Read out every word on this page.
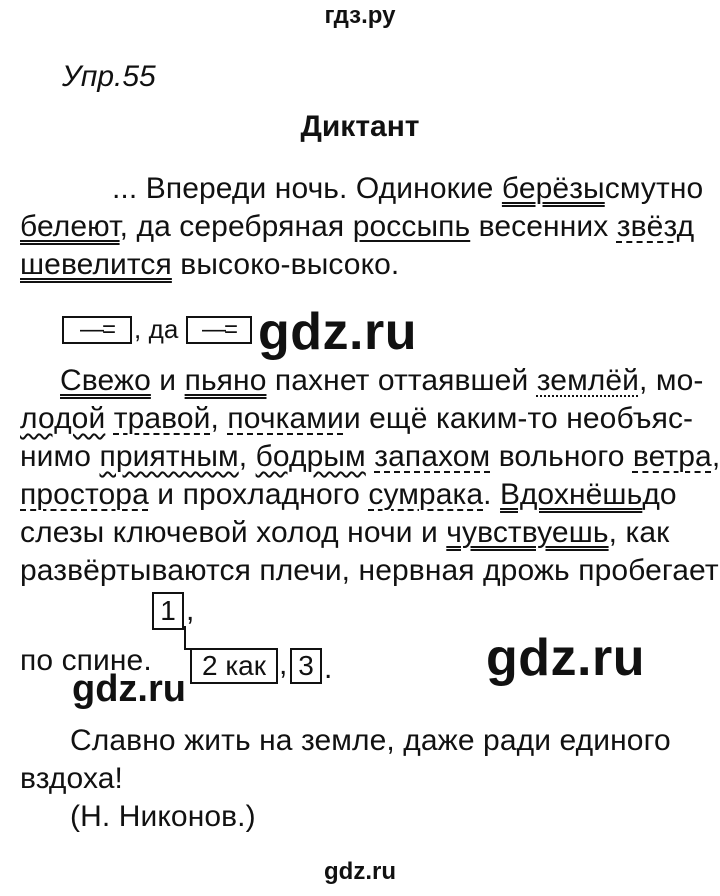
гдз.ру
Упр.55
Диктант
... Впереди ночь. Одинокие берёзы смутно
белеют, да серебряная россыпь весенних звёзд
шевелится высоко-высоко.
—= , да —= gdz.ru
Свежо и пьяно пахнет оттаявшей землёй , мо-
лодой травой, почками и ещё каким-то необъяс-
нимо приятным, бодрым запахом вольного ветра ,
простора и прохладного сумрака. Вдохнёшь до
слезы ключевой холод ночи и чувствуешь, как
развёртываются плечи, нервная дрожь пробегает
1 ,
по спине. 2 как , 3 .	gdz.ru
gdz.ru
Славно жить на земле, даже ради единого
вздоха!
(Н. Никонов.)
gdz.ru
